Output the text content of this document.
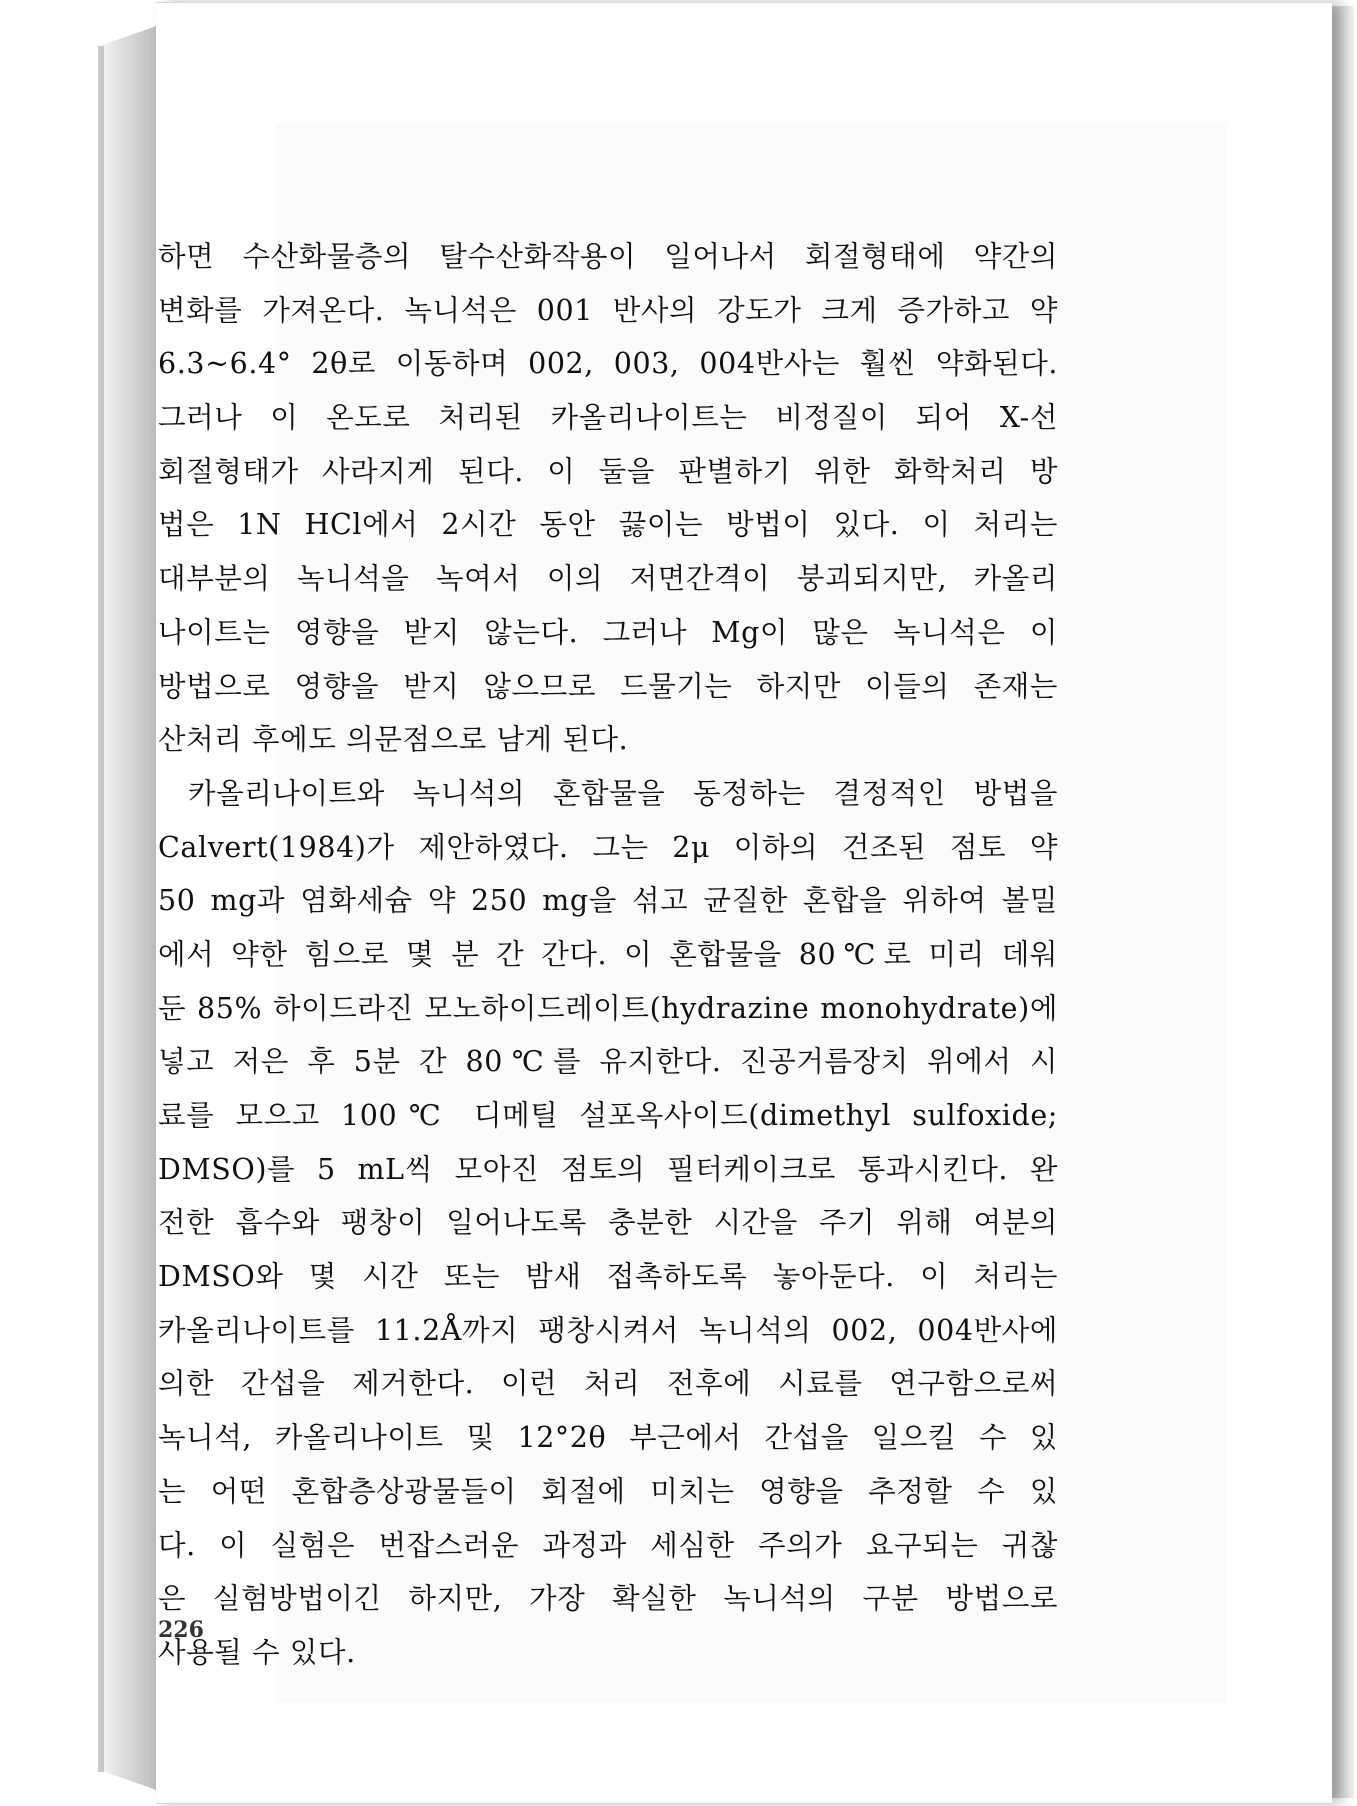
하면 수산화물층의 탈수산화작용이 일어나서 회절형태에 약간의
변화를 가져온다. 녹니석은 001 반사의 강도가 크게 증가하고 약
6.3~6.4° 2θ로 이동하며 002, 003, 004반사는 훨씬 약화된다.
그러나 이 온도로 처리된 카올리나이트는 비정질이 되어 X-선
회절형태가 사라지게 된다. 이 둘을 판별하기 위한 화학처리 방
법은 1N HCl에서 2시간 동안 끓이는 방법이 있다. 이 처리는
대부분의 녹니석을 녹여서 이의 저면간격이 붕괴되지만, 카올리
나이트는 영향을 받지 않는다. 그러나 Mg이 많은 녹니석은 이
방법으로 영향을 받지 않으므로 드물기는 하지만 이들의 존재는
산처리 후에도 의문점으로 남게 된다.
카올리나이트와 녹니석의 혼합물을 동정하는 결정적인 방법을
Calvert(1984)가 제안하였다. 그는 2μ 이하의 건조된 점토 약
50 mg과 염화세슘 약 250 mg을 섞고 균질한 혼합을 위하여 볼밀
에서 약한 힘으로 몇 분 간 간다. 이 혼합물을 80℃로 미리 데워
둔 85% 하이드라진 모노하이드레이트(hydrazine monohydrate)에
넣고 저은 후 5분 간 80℃를 유지한다. 진공거름장치 위에서 시
료를 모으고 100℃ 디메틸 설포옥사이드(dimethyl sulfoxide;
DMSO)를 5 mL씩 모아진 점토의 필터케이크로 통과시킨다. 완
전한 흡수와 팽창이 일어나도록 충분한 시간을 주기 위해 여분의
DMSO와 몇 시간 또는 밤새 접촉하도록 놓아둔다. 이 처리는
카올리나이트를 11.2Å까지 팽창시켜서 녹니석의 002, 004반사에
의한 간섭을 제거한다. 이런 처리 전후에 시료를 연구함으로써
녹니석, 카올리나이트 및 12°2θ 부근에서 간섭을 일으킬 수 있
는 어떤 혼합층상광물들이 회절에 미치는 영향을 추정할 수 있
다. 이 실험은 번잡스러운 과정과 세심한 주의가 요구되는 귀찮
은 실험방법이긴 하지만, 가장 확실한 녹니석의 구분 방법으로
사용될 수 있다.
226
